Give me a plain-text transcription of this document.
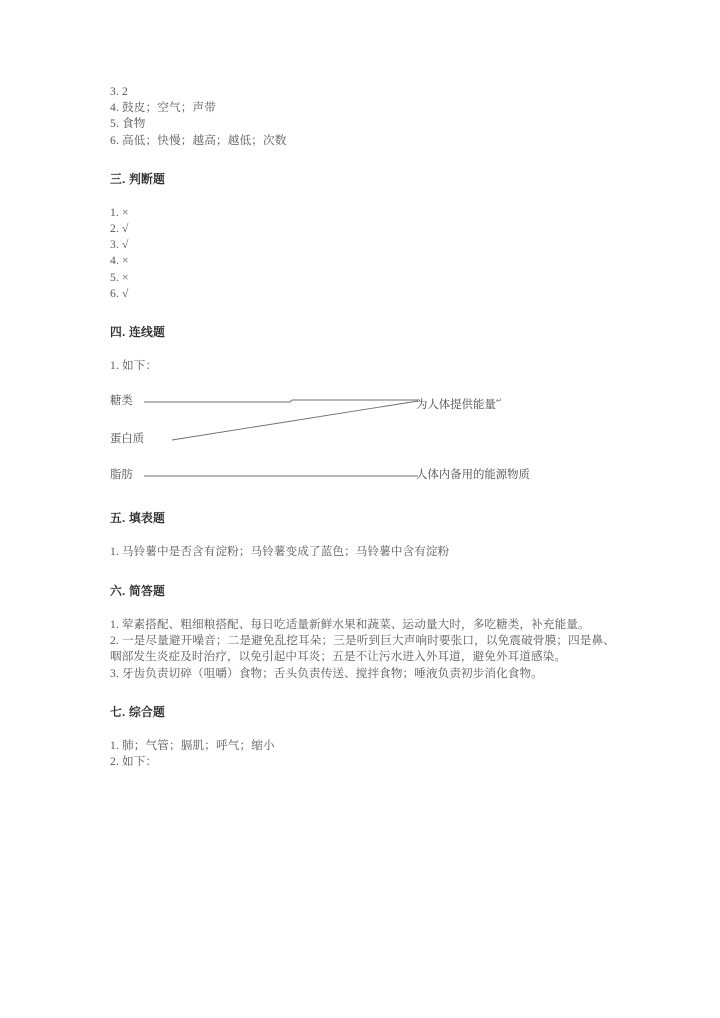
3. 2
4. 鼓皮；空气；声带
5. 食物
6. 高低；快慢；越高；越低；次数
三. 判断题
1. ×
2. √
3. √
4. ×
5. ×
6. √
四. 连线题
1. 如下：
糖类
蛋白质
脂肪
为人体提供能量↵
人体内备用的能源物质
五. 填表题
1. 马铃薯中是否含有淀粉；马铃薯变成了蓝色；马铃薯中含有淀粉
六. 简答题
1. 荤素搭配、粗细粮搭配、每日吃适量新鲜水果和蔬菜、运动量大时，多吃糖类，补充能量。
2. 一是尽量避开噪音；二是避免乱挖耳朵；三是听到巨大声响时要张口，以免震破骨膜；四是鼻、咽部发生炎症及时治疗，以免引起中耳炎；五是不让污水进入外耳道，避免外耳道感染。
3. 牙齿负责切碎（咀嚼）食物；舌头负责传送、搅拌食物；唾液负责初步消化食物。
七. 综合题
1. 肺；气管；膈肌；呼气；缩小
2. 如下：
